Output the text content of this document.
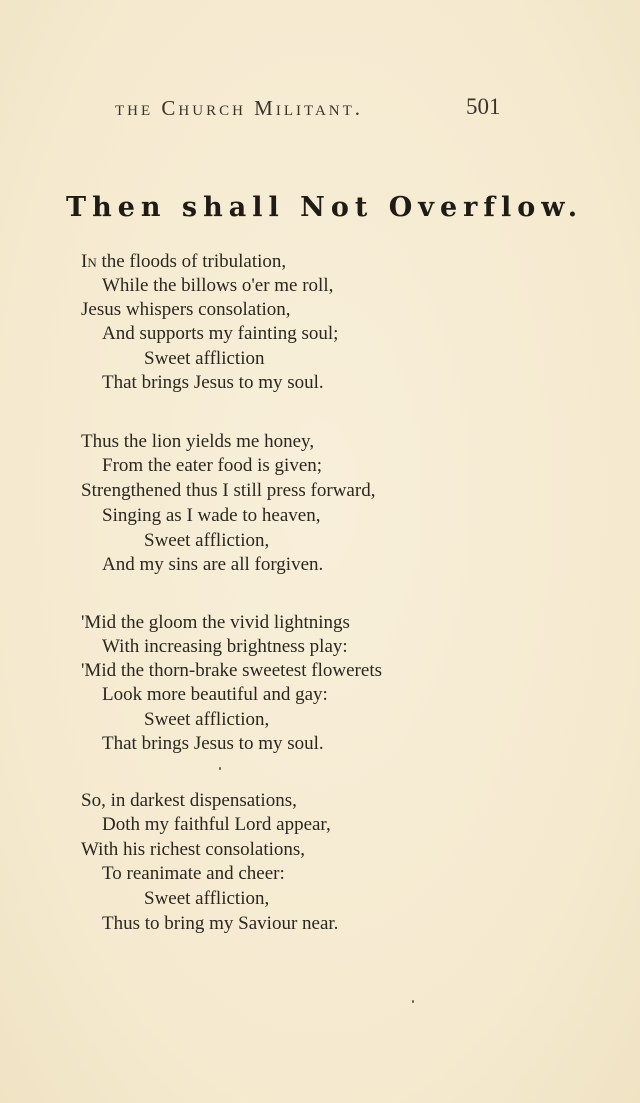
the Church Militant.	501
Then shall Not Overflow.
In the floods of tribulation,
While the billows o'er me roll,
Jesus whispers consolation,
And supports my fainting soul;
Sweet affliction
That brings Jesus to my soul.
Thus the lion yields me honey,
From the eater food is given;
Strengthened thus I still press forward,
Singing as I wade to heaven,
Sweet affliction,
And my sins are all forgiven.
'Mid the gloom the vivid lightnings
With increasing brightness play:
'Mid the thorn-brake sweetest flowerets
Look more beautiful and gay:
Sweet affliction,
That brings Jesus to my soul.
So, in darkest dispensations,
Doth my faithful Lord appear,
With his richest consolations,
To reanimate and cheer:
Sweet affliction,
Thus to bring my Saviour near.
